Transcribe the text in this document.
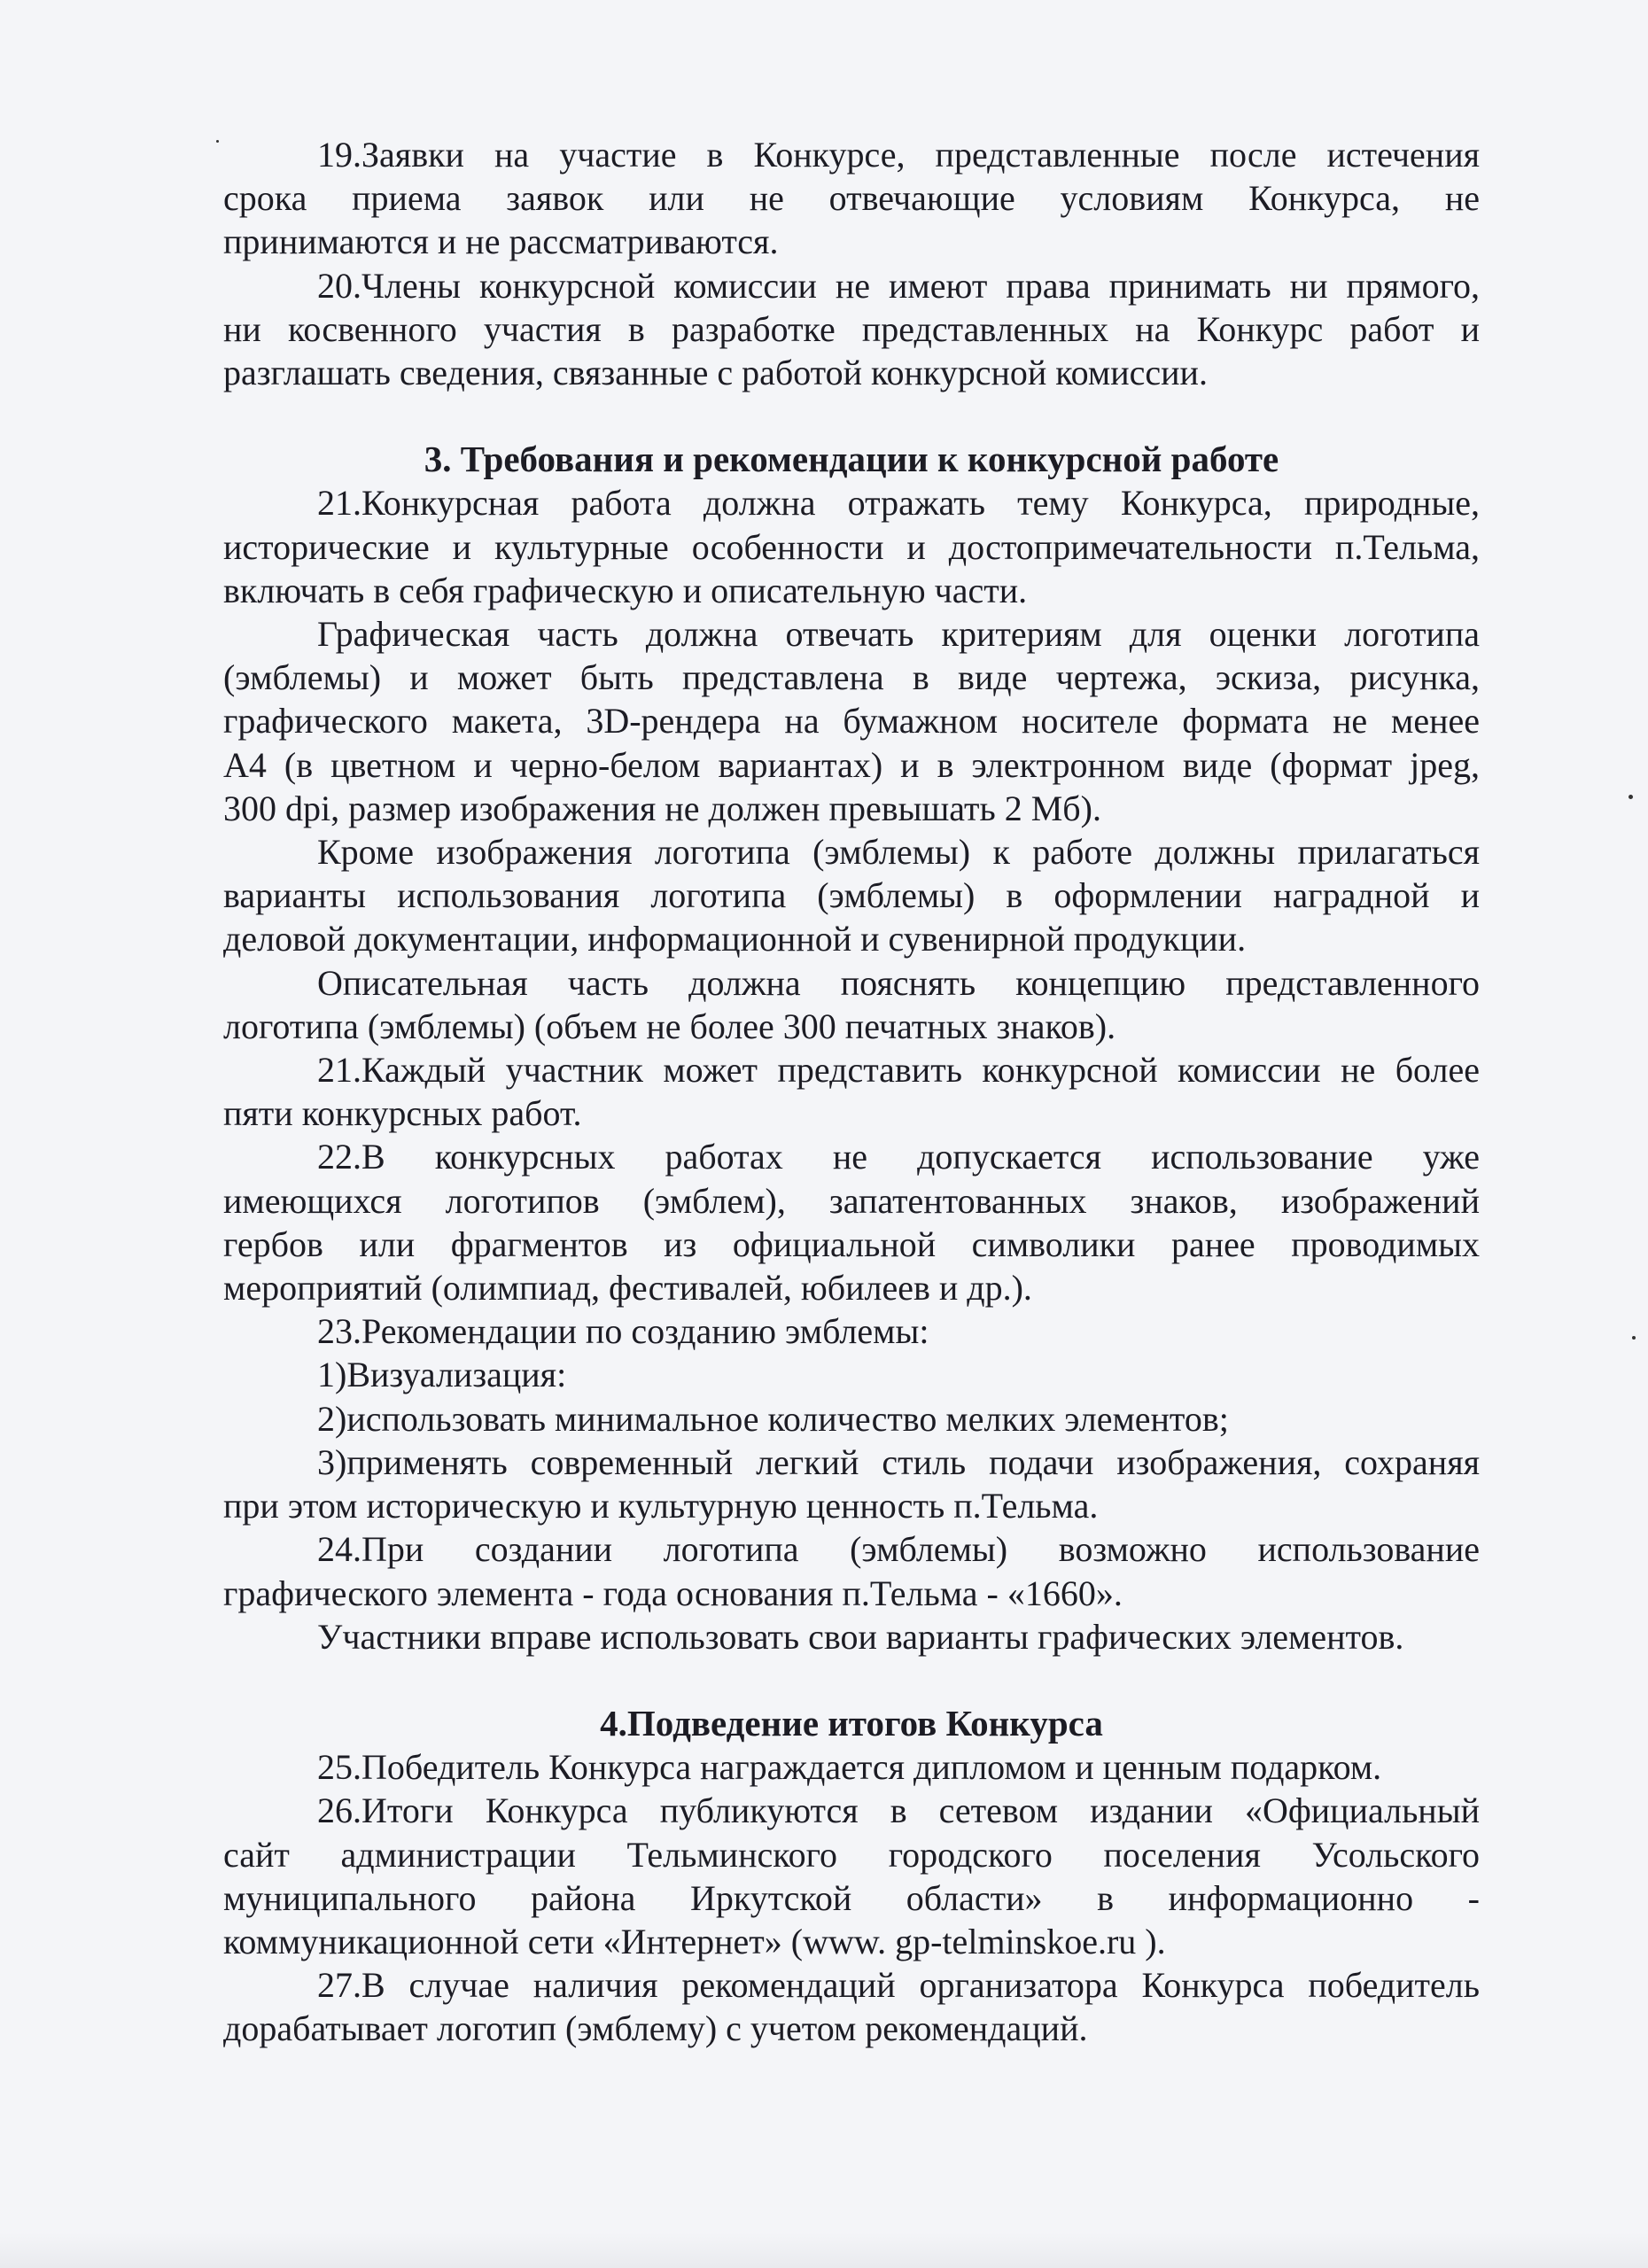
19.Заявки на участие в Конкурсе, представленные после истечения
срока приема заявок или не отвечающие условиям Конкурса, не
принимаются и не рассматриваются.
20.Члены конкурсной комиссии не имеют права принимать ни прямого,
ни косвенного участия в разработке представленных на Конкурс работ и
разглашать сведения, связанные с работой конкурсной комиссии.
3. Требования и рекомендации к конкурсной работе
21.Конкурсная работа должна отражать тему Конкурса, природные,
исторические и культурные особенности и достопримечательности п.Тельма,
включать в себя графическую и описательную части.
Графическая часть должна отвечать критериям для оценки логотипа
(эмблемы) и может быть представлена в виде чертежа, эскиза, рисунка,
графического макета, 3D-рендера на бумажном носителе формата не менее
А4 (в цветном и черно-белом вариантах) и в электронном виде (формат jpeg,
300 dpi, размер изображения не должен превышать 2 Мб).
Кроме изображения логотипа (эмблемы) к работе должны прилагаться
варианты использования логотипа (эмблемы) в оформлении наградной и
деловой документации, информационной и сувенирной продукции.
Описательная часть должна пояснять концепцию представленного
логотипа (эмблемы) (объем не более 300 печатных знаков).
21.Каждый участник может представить конкурсной комиссии не более
пяти конкурсных работ.
22.В конкурсных работах не допускается использование уже
имеющихся логотипов (эмблем), запатентованных знаков, изображений
гербов или фрагментов из официальной символики ранее проводимых
мероприятий (олимпиад, фестивалей, юбилеев и др.).
23.Рекомендации по созданию эмблемы:
1)Визуализация:
2)использовать минимальное количество мелких элементов;
3)применять современный легкий стиль подачи изображения, сохраняя
при этом историческую и культурную ценность п.Тельма.
24.При создании логотипа (эмблемы) возможно использование
графического элемента - года основания п.Тельма - «1660».
Участники вправе использовать свои варианты графических элементов.
4.Подведение итогов Конкурса
25.Победитель Конкурса награждается дипломом и ценным подарком.
26.Итоги Конкурса публикуются в сетевом издании «Официальный
сайт администрации Тельминского городского поселения Усольского
муниципального района Иркутской области» в информационно -
коммуникационной сети «Интернет» (www. gp-telminskoe.ru ).
27.В случае наличия рекомендаций организатора Конкурса победитель
дорабатывает логотип (эмблему) с учетом рекомендаций.
